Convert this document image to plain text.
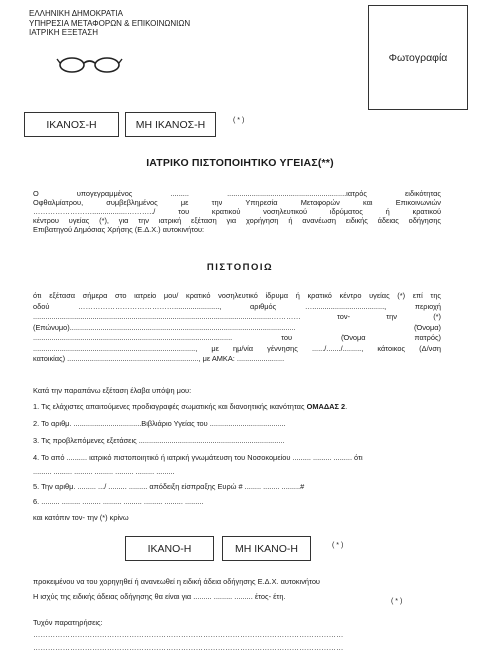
ΕΛΛΗΝΙΚΗ ΔΗΜΟΚΡΑΤΙΑ
ΥΠΗΡΕΣΙΑ ΜΕΤΑΦΟΡΩΝ & ΕΠΙΚΟΙΝΩΝΙΩΝ
ΙΑΤΡΙΚΗ ΕΞΕΤΑΣΗ
Φωτογραφία
ΙΚΑΝΟΣ-Η	ΜΗ ΙΚΑΝΟΣ-Η	( * )
ΙΑΤΡΙΚΟ ΠΙΣΤΟΠΟΙΗΤΙΚΟ ΥΓΕΙΑΣ(**)
Ο υπογεγραμμένος ......... ..........................................................ιατρός ειδικότητας
Οφθαλμίατρου, συμβεβλημένος με την Υπηρεσία Μεταφορών και Επικοινωνιών
…………………….................………../ του κρατικού νοσηλευτικού ιδρύματος ή κρατικού
κέντρου υγείας (*), για την ιατρική εξέταση για χορήγηση ή ανανέωση ειδικής άδειας οδήγησης
Επιβατηγού Δημόσιας Χρήσης (Ε.Δ.Χ.) αυτοκινήτου:
ΠΙΣΤΟΠΟΙΩ
ότι εξέτασα σήμερα στο ιατρείο μου/ κρατικό νοσηλευτικό ίδρυμα ή κρατικό κέντρο υγείας (*) επί της
οδού …………………………………......................, αριθμός …..................................., περιοχή
....................................................................................................................………… τον- την (*)
(Επώνυμο).............................................................................................................. (Όνομα)
................................................................................................. του (Όνομα πατρός)
..............................................................................., με ημ/νία γέννησης ....../......./........., κάτοικος (Δ/νση
κατοικίας) ................................................................, με ΑΜΚΑ: .......................
Κατά την παραπάνω εξέταση έλαβα υπόψη μου:
1. Τις ελάχιστες απαιτούμενες προδιαγραφές σωματικής και διανοητικής ικανότητας ΟΜΑΔΑΣ 2.
2. Το αριθμ. .................................Βιβλιάριο Υγείας του .....................................
3. Τις προβλεπόμενες εξετάσεις .......................................................................
4. Το από .......... ιατρικό πιστοποιητικό ή ιατρική γνωμάτευση του Νοσοκομείου ......... ......... ......... ότι
......... ......... ......... ......... ......... ......... .........
5. Την αριθμ. ......... .../ ......... ......... απόδειξη είσπραξης Ευρώ # ........ ........ .........#
6. ......... ......... ......... ......... ......... ......... ......... .........
και κατόπιν τον- την (*) κρίνω
ΙΚΑΝΟ-Η	ΜΗ ΙΚΑΝΟ-Η	( * )
προκειμένου να του χορηγηθεί ή ανανεωθεί η ειδική άδεια οδήγησης Ε.Δ.Χ. αυτοκινήτου
Η ισχύς της ειδικής άδειας οδήγησης θα είναι για ......... ......... ......... έτος- έτη.
( * )
Τυχόν παρατηρήσεις:
………………………………………………………………………………………………………………
………………………………………………………………………………………………………………
